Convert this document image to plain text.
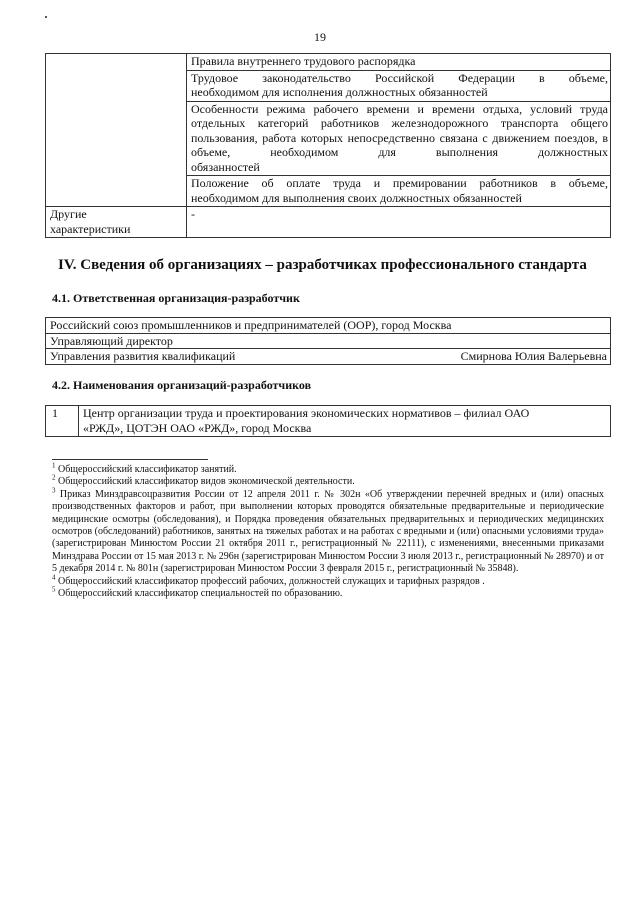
19
	Правила внутреннего трудового распорядка
	Трудовое законодательство Российской Федерации в объеме,
необходимом для исполнения должностных обязанностей

	Особенности режима рабочего времени и времени отдыха, условий труда отдельных категорий работников железнодорожного транспорта общего пользования, работа которых непосредственно связана с движением поездов, в объеме, необходимом для выполнения должностных
обязанностей

	Положение об оплате труда и премировании работников в объеме,
необходимом для выполнения своих должностных обязанностей

Другие
характеристики	-
IV. Сведения об организациях – разработчиках профессионального стандарта
4.1. Ответственная организация-разработчик
Российский союз промышленников и предпринимателей (ООР), город Москва
Управляющий директор

Управления развития квалификаций	Смирнова Юлия Валерьевна
4.2. Наименования организаций-разработчиков
1	Центр организации труда и проектирования экономических нормативов – филиал ОАО
«РЖД», ЦОТЭН ОАО «РЖД», город Москва

$^1$ Общероссийский классификатор занятий.

$^2$ Общероссийский классификатор видов экономической деятельности.

$^3$ Приказ Минздравсоцразвития России от 12 апреля 2011 г. № 302н «Об утверждении перечней вредных и (или) опасных производственных факторов и работ, при выполнении которых проводятся обязательные предварительные и периодические медицинские осмотры (обследования), и Порядка проведения обязательных предварительных и периодических медицинских осмотров (обследований) работников, занятых на тяжелых работах и на работах с вредными и (или) опасными условиями труда» (зарегистрирован Минюстом России 21 октября 2011 г., регистрационный № 22111), с изменениями, внесенными приказами Минздрава России от 15 мая 2013 г. № 296н (зарегистрирован Минюстом России 3 июля 2013 г., регистрационный № 28970) и от 5 декабря 2014 г. № 801н (зарегистрирован Минюстом России 3 февраля 2015 г., регистрационный № 35848).

$^4$ Общероссийский классификатор профессий рабочих, должностей служащих и тарифных разрядов .

$^5$ Общероссийский классификатор специальностей по образованию.
